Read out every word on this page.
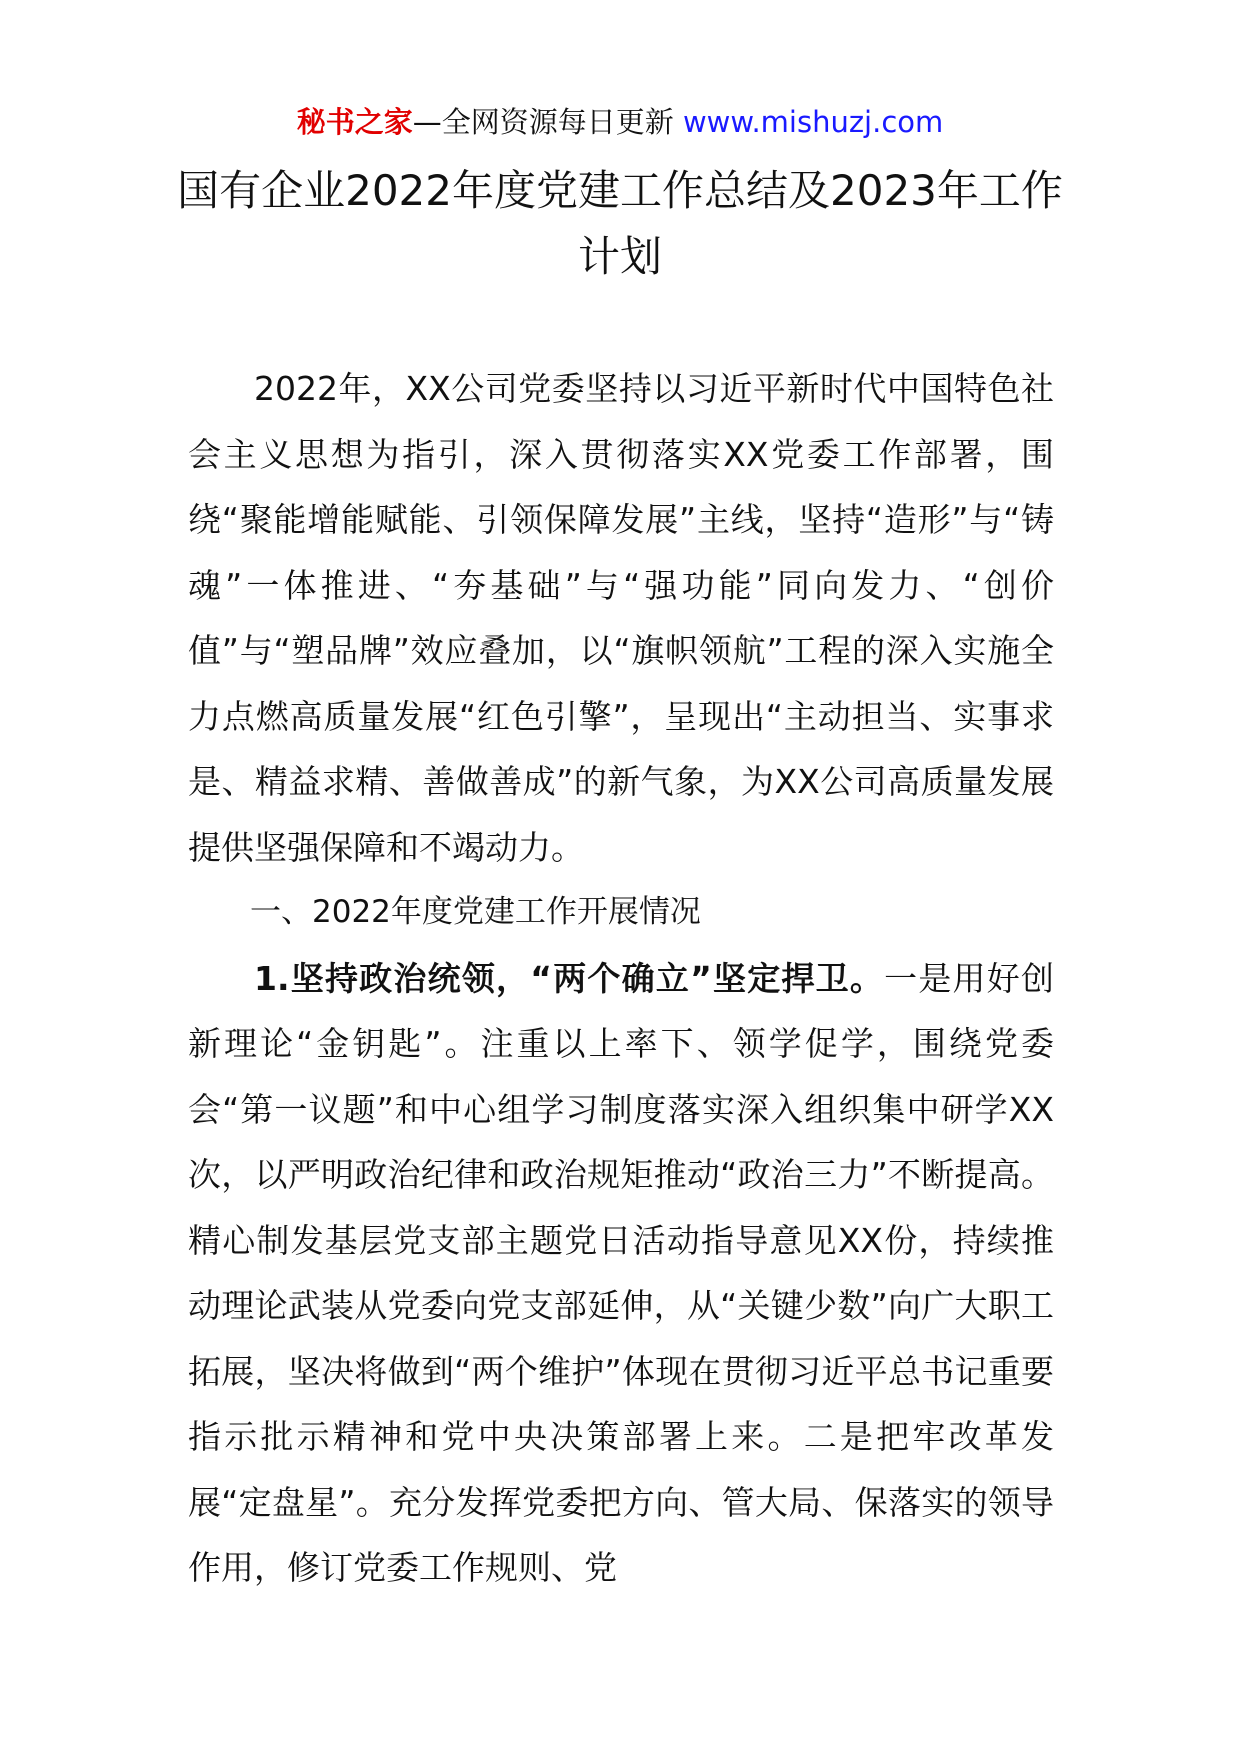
秘书之家—全网资源每日更新 www.mishuzj.com
国有企业2022年度党建工作总结及2023年工作计划

2022年，XX公司党委坚持以习近平新时代中国特色社会主义思想为指引，深入贯彻落实XX党委工作部署，围绕“聚能增能赋能、引领保障发展”主线，坚持“造形”与“铸魂”一体推进、“夯基础”与“强功能”同向发力、“创价值”与“塑品牌”效应叠加，以“旗帜领航”工程的深入实施全力点燃高质量发展“红色引擎”，呈现出“主动担当、实事求是、精益求精、善做善成”的新气象，为XX公司高质量发展提供坚强保障和不竭动力。

一、2022年度党建工作开展情况

1.坚持政治统领，“两个确立”坚定捍卫。一是用好创新理论“金钥匙”。注重以上率下、领学促学，围绕党委会“第一议题”和中心组学习制度落实深入组织集中研学XX次，以严明政治纪律和政治规矩推动“政治三力”不断提高。精心制发基层党支部主题党日活动指导意见XX份，持续推动理论武装从党委向党支部延伸，从“关键少数”向广大职工拓展，坚决将做到“两个维护”体现在贯彻习近平总书记重要指示批示精神和党中央决策部署上来。二是把牢改革发展“定盘星”。充分发挥党委把方向、管大局、保落实的领导作用，修订党委工作规则、党
